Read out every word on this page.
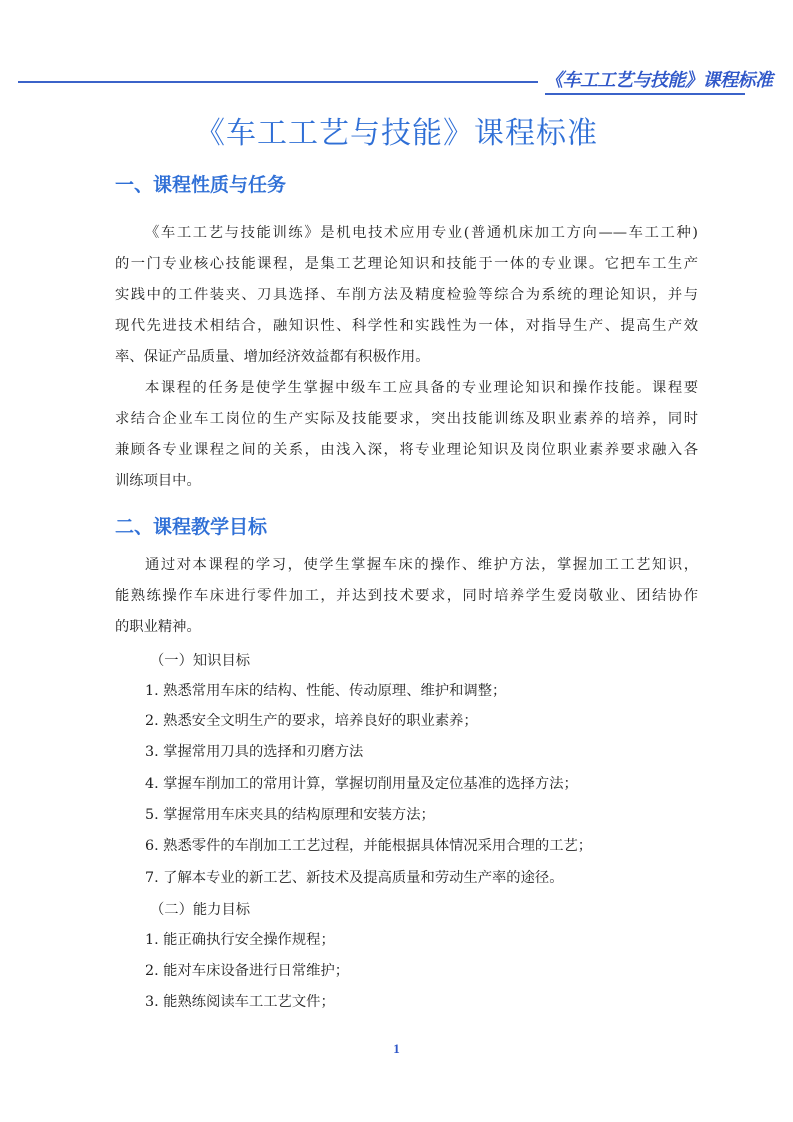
《车工工艺与技能》课程标准
《车工工艺与技能》课程标准
一、课程性质与任务
《车工工艺与技能训练》是机电技术应用专业(普通机床加工方向——车工工种)
的一门专业核心技能课程，是集工艺理论知识和技能于一体的专业课。它把车工生产
实践中的工件装夹、刀具选择、车削方法及精度检验等综合为系统的理论知识，并与
现代先进技术相结合，融知识性、科学性和实践性为一体，对指导生产、提高生产效
率、保证产品质量、增加经济效益都有积极作用。
本课程的任务是使学生掌握中级车工应具备的专业理论知识和操作技能。课程要
求结合企业车工岗位的生产实际及技能要求，突出技能训练及职业素养的培养，同时
兼顾各专业课程之间的关系，由浅入深，将专业理论知识及岗位职业素养要求融入各
训练项目中。
二、课程教学目标
通过对本课程的学习，使学生掌握车床的操作、维护方法，掌握加工工艺知识，
能熟练操作车床进行零件加工，并达到技术要求，同时培养学生爱岗敬业、团结协作
的职业精神。
（一）知识目标
1. 熟悉常用车床的结构、性能、传动原理、维护和调整；
2. 熟悉安全文明生产的要求，培养良好的职业素养；
3. 掌握常用刀具的选择和刃磨方法
4. 掌握车削加工的常用计算，掌握切削用量及定位基准的选择方法；
5. 掌握常用车床夹具的结构原理和安装方法；
6. 熟悉零件的车削加工工艺过程，并能根据具体情况采用合理的工艺；
7. 了解本专业的新工艺、新技术及提高质量和劳动生产率的途径。
（二）能力目标
1. 能正确执行安全操作规程；
2. 能对车床设备进行日常维护；
3. 能熟练阅读车工工艺文件；
1
